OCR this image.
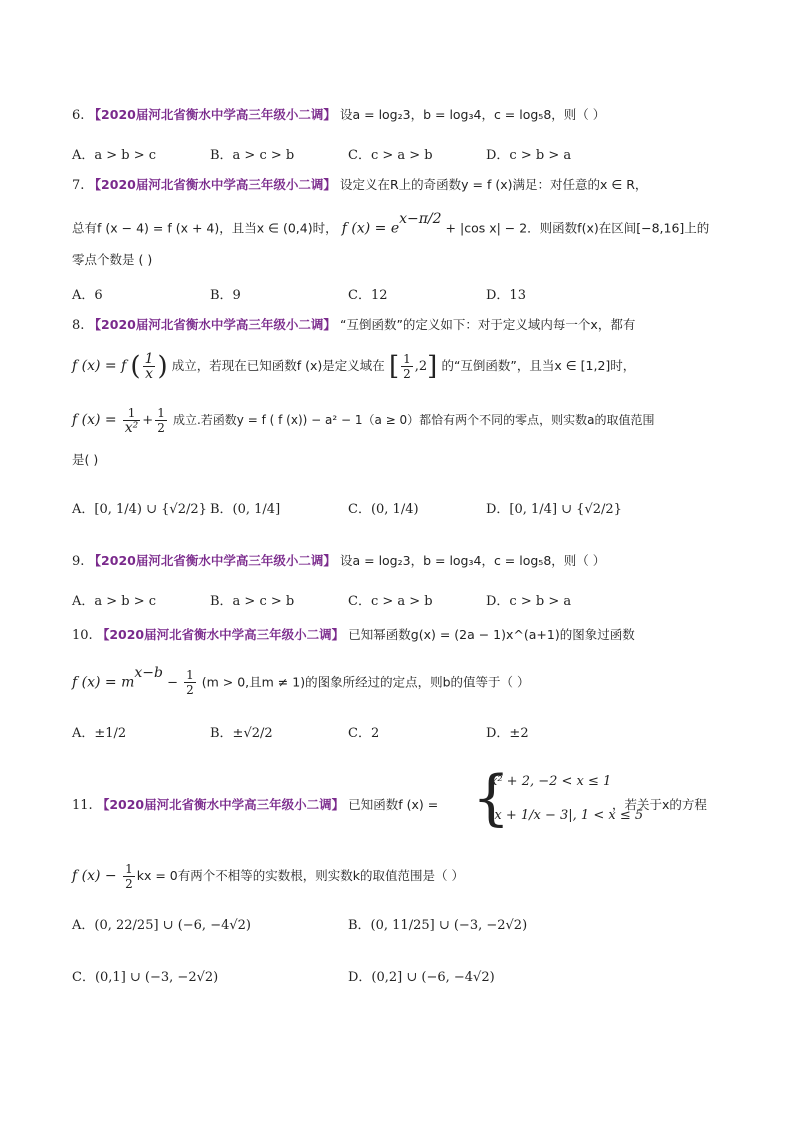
6. 【2020届河北省衡水中学高三年级小二调】 设a = log₂3，b = log₃4，c = log₅8，则（ ）
A．a > b > c	B．a > c > b	C．c > a > b	D．c > b > a
7. 【2020届河北省衡水中学高三年级小二调】 设定义在R上的奇函数y = f (x)满足：对任意的x ∈ R，
总有f (x − 4) = f (x + 4)，且当x ∈ (0,4)时， f $(x) = e^{x-\pi/2} + |\cos$ x| − 2．则函数f(x)在区间[−8,16]上的
零点个数是 ( )
A．6	B．9	C．12	D．13
8. 【2020届河北省衡水中学高三年级小二调】 “互倒函数”的定义如下：对于定义域内每一个x，都有
f (x) = f ( $\frac{1}{x}$ ) 成立，若现在已知函数f (x)是定义域在 [ $\frac{1}{2} ,2$] 的“互倒函数”，且当x ∈ [1,2]时，
f $(x) = \frac{1}{\text{x²}} + \frac{1}{2}$ 成立.若函数y = f ( f (x)) − a² − 1（a ≥ 0）都恰有两个不同的零点，则实数a的取值范围
是( )
A．[0, 1/4) ∪ {√2/2} B．(0, 1/4]	C．(0, 1/4)	D．[0, 1/4] ∪ {√2/2}
9. 【2020届河北省衡水中学高三年级小二调】 设a = log₂3，b = log₃4，c = log₅8，则（ ）
A．a > b > c	B．a > c > b	C．c > a > b	D．c > b > a
10. 【2020届河北省衡水中学高三年级小二调】 已知幂函数g(x) = (2a − 1)x^(a+1)的图象过函数
f $(x) = m^{x-b} - \frac{1}{2} (m > 0$,且m ≠ 1)的图象所经过的定点，则b的值等于（ ）
A．±1/2	B．±√2/2	C．2	D．±2
11. 【2020届河北省衡水中学高三年级小二调】 已知函数f (x) = {
x² + 2, −2 < x ≤ 1
|x + 1/x − 3|, 1 < x ≤ 5
，若关于x的方程
f $(x) - \frac{1}{2}$ kx = 0有两个不相等的实数根，则实数k的取值范围是（ ）
A．(0, 22/25] ∪ (−6, −4√2)	B．(0, 11/25] ∪ (−3, −2√2)
C．(0,1] ∪ (−3, −2√2)	D．(0,2] ∪ (−6, −4√2)
